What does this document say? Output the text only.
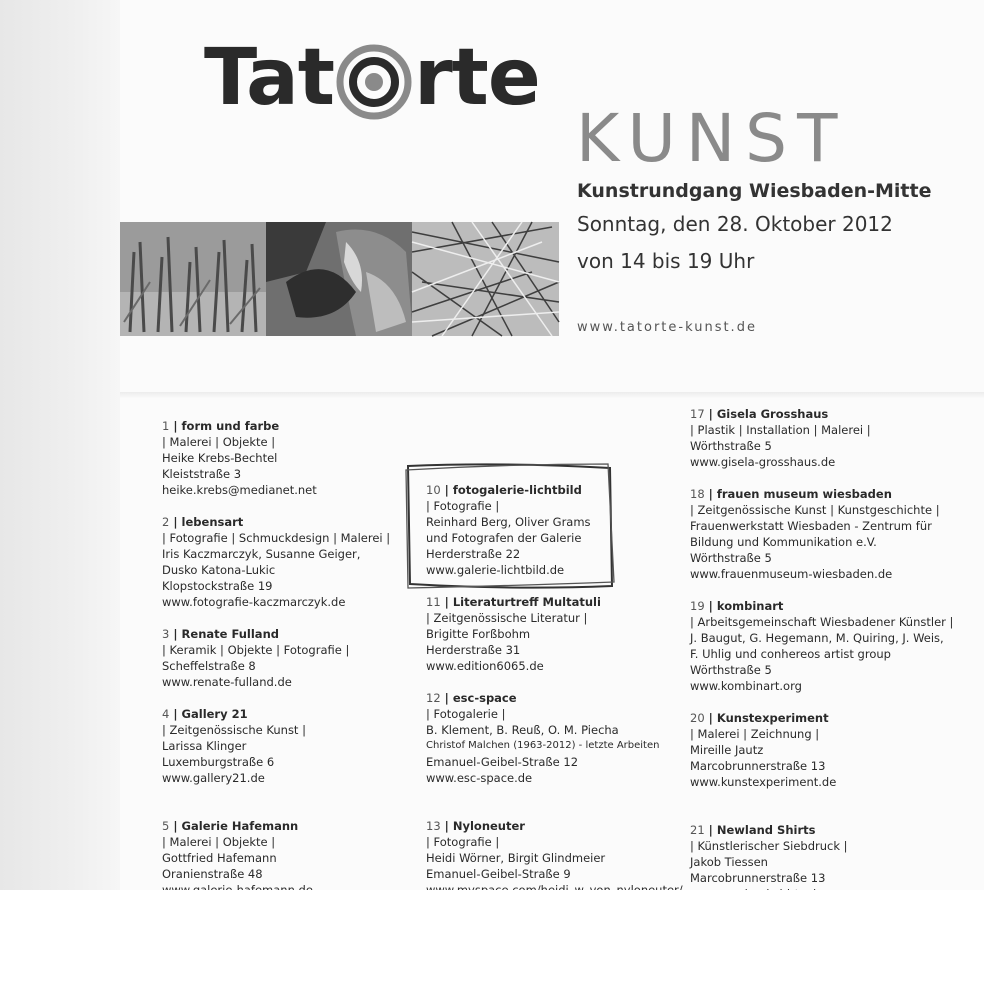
Tat rte
KUNST
Kunstrundgang Wiesbaden-Mitte
Sonntag, den 28. Oktober 2012
von 14 bis 19 Uhr
www.tatorte-kunst.de
1 | form und farbe
| Malerei | Objekte |
Heike Krebs-Bechtel
Kleiststraße 3
heike.krebs@medianet.net
2 | lebensart
| Fotografie | Schmuckdesign | Malerei |
Iris Kaczmarczyk, Susanne Geiger,
Dusko Katona-Lukic
Klopstockstraße 19
www.fotografie-kaczmarczyk.de
3 | Renate Fulland
| Keramik | Objekte | Fotografie |
Scheffelstraße 8
www.renate-fulland.de
4 | Gallery 21
| Zeitgenössische Kunst |
Larissa Klinger
Luxemburgstraße 6
www.gallery21.de
5 | Galerie Hafemann
| Malerei | Objekte |
Gottfried Hafemann
Oranienstraße 48
10 | fotogalerie-lichtbild
| Fotografie |
Reinhard Berg, Oliver Grams
und Fotografen der Galerie
Herderstraße 22
www.galerie-lichtbild.de
11 | Literaturtreff Multatuli
| Zeitgenössische Literatur |
Brigitte Forßbohm
Herderstraße 31
www.edition6065.de
12 | esc-space
| Fotogalerie |
B. Klement, B. Reuß, O. M. Piecha
Christof Malchen (1963-2012) - letzte Arbeiten
Emanuel-Geibel-Straße 12
www.esc-space.de
13 | Nyloneuter
| Fotografie |
Heidi Wörner, Birgit Glindmeier
Emanuel-Geibel-Straße 9
17 | Gisela Grosshaus
| Plastik | Installation | Malerei |
Wörthstraße 5
www.gisela-grosshaus.de
18 | frauen museum wiesbaden
| Zeitgenössische Kunst | Kunstgeschichte |
Frauenwerkstatt Wiesbaden - Zentrum für
Bildung und Kommunikation e.V.
Wörthstraße 5
www.frauenmuseum-wiesbaden.de
19 | kombinart
| Arbeitsgemeinschaft Wiesbadener Künstler |
J. Baugut, G. Hegemann, M. Quiring, J. Weis,
F. Uhlig und conhereos artist group
Wörthstraße 5
www.kombinart.org
20 | Kunstexperiment
| Malerei | Zeichnung |
Mireille Jautz
Marcobrunnerstraße 13
www.kunstexperiment.de
21 | Newland Shirts
| Künstlerischer Siebdruck |
Jakob Tiessen
Marcobrunnerstraße 13
